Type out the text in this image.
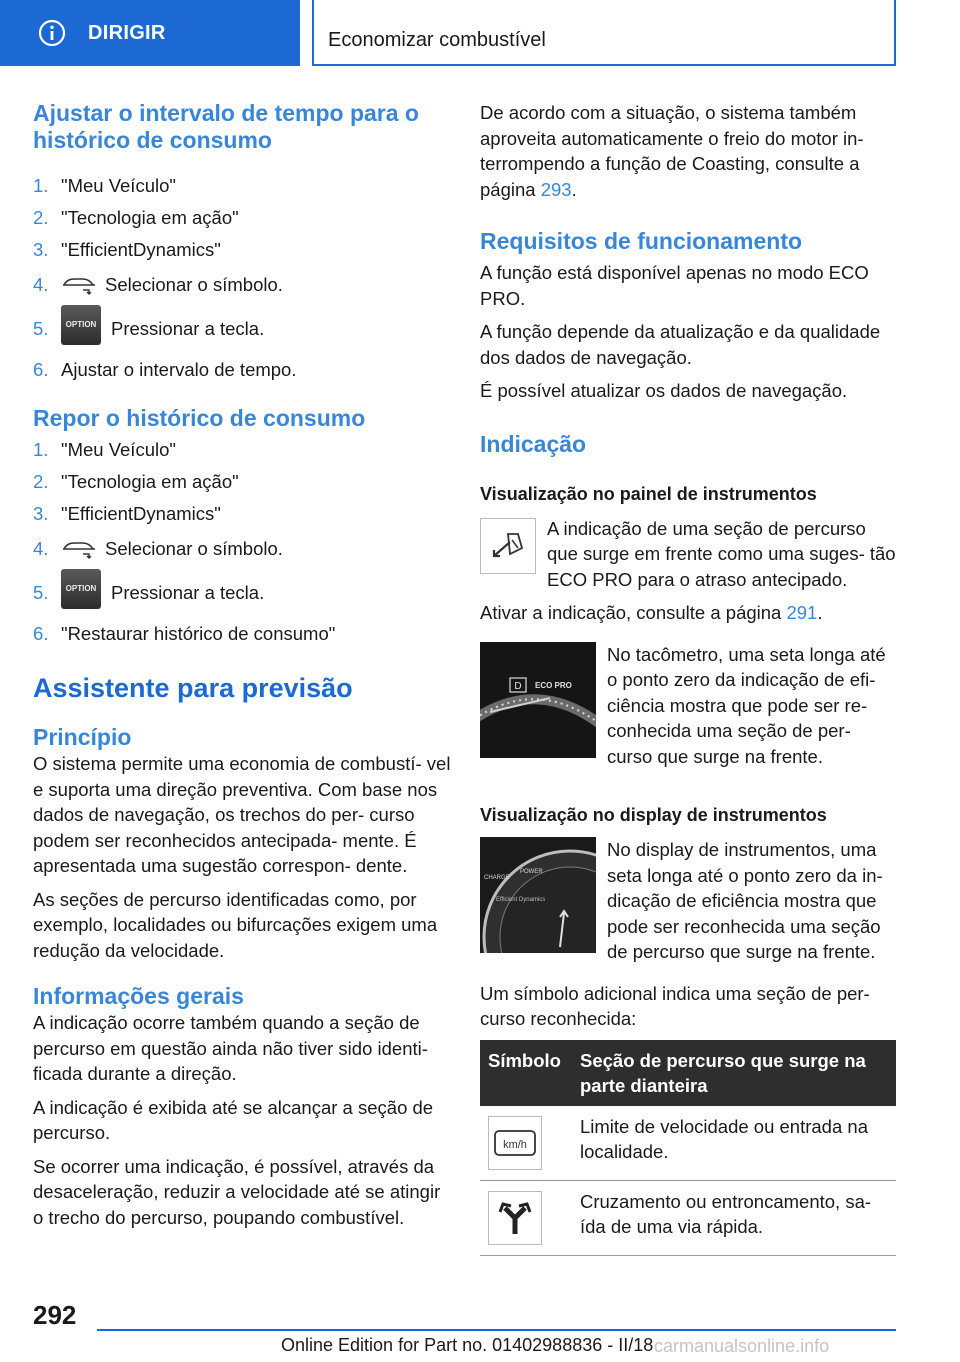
DIRIGIR	Economizar combustível
Ajustar o intervalo de tempo para o histórico de consumo
1. "Meu Veículo"
2. "Tecnologia em ação"
3. "EfficientDynamics"
4.	Selecionar o símbolo.
5.	OPTION Pressionar a tecla.
6. Ajustar o intervalo de tempo.
Repor o histórico de consumo
1. "Meu Veículo"
2. "Tecnologia em ação"
3. "EfficientDynamics"
4.	Selecionar o símbolo.
5.	OPTION Pressionar a tecla.
6. "Restaurar histórico de consumo"
Assistente para previsão
Princípio

O sistema permite uma economia de combustí- vel e suporta uma direção preventiva. Com base nos dados de navegação, os trechos do per- curso podem ser reconhecidos antecipada- mente. É apresentada uma sugestão correspon- dente.

As seções de percurso identificadas como, por exemplo, localidades ou bifurcações exigem uma redução da velocidade.

Informações gerais

A indicação ocorre também quando a seção de percurso em questão ainda não tiver sido identi- ficada durante a direção.

A indicação é exibida até se alcançar a seção de percurso.

Se ocorrer uma indicação, é possível, através da desaceleração, reduzir a velocidade até se atingir o trecho do percurso, poupando combustível.

De acordo com a situação, o sistema também aproveita automaticamente o freio do motor in- terrompendo a função de Coasting, consulte a página 293.

Requisitos de funcionamento

A função está disponível apenas no modo ECO PRO.

A função depende da atualização e da qualidade dos dados de navegação.

É possível atualizar os dados de navegação.

Indicação
Visualização no painel de instrumentos

A indicação de uma seção de percurso que surge em frente como uma suges- tão ECO PRO para o atraso antecipado.

Ativar a indicação, consulte a página 291.

D ECO PRO

No tacômetro, uma seta longa até o ponto zero da indicação de efi- ciência mostra que pode ser re- conhecida uma seção de per- curso que surge na frente.

Visualização no display de instrumentos
CHARGE
POWER
Efficient Dynamics

No display de instrumentos, uma seta longa até o ponto zero da in- dicação de eficiência mostra que pode ser reconhecida uma seção de percurso que surge na frente.

Um símbolo adicional indica uma seção de per- curso reconhecida:

Símbolo	Seção de percurso que surge na parte dianteira

km/h	Limite de velocidade ou entrada na localidade.

	Cruzamento ou entroncamento, sa- ída de uma via rápida.
292
Online Edition for Part no. 01402988836 - II/18 carmanualsonline.info
